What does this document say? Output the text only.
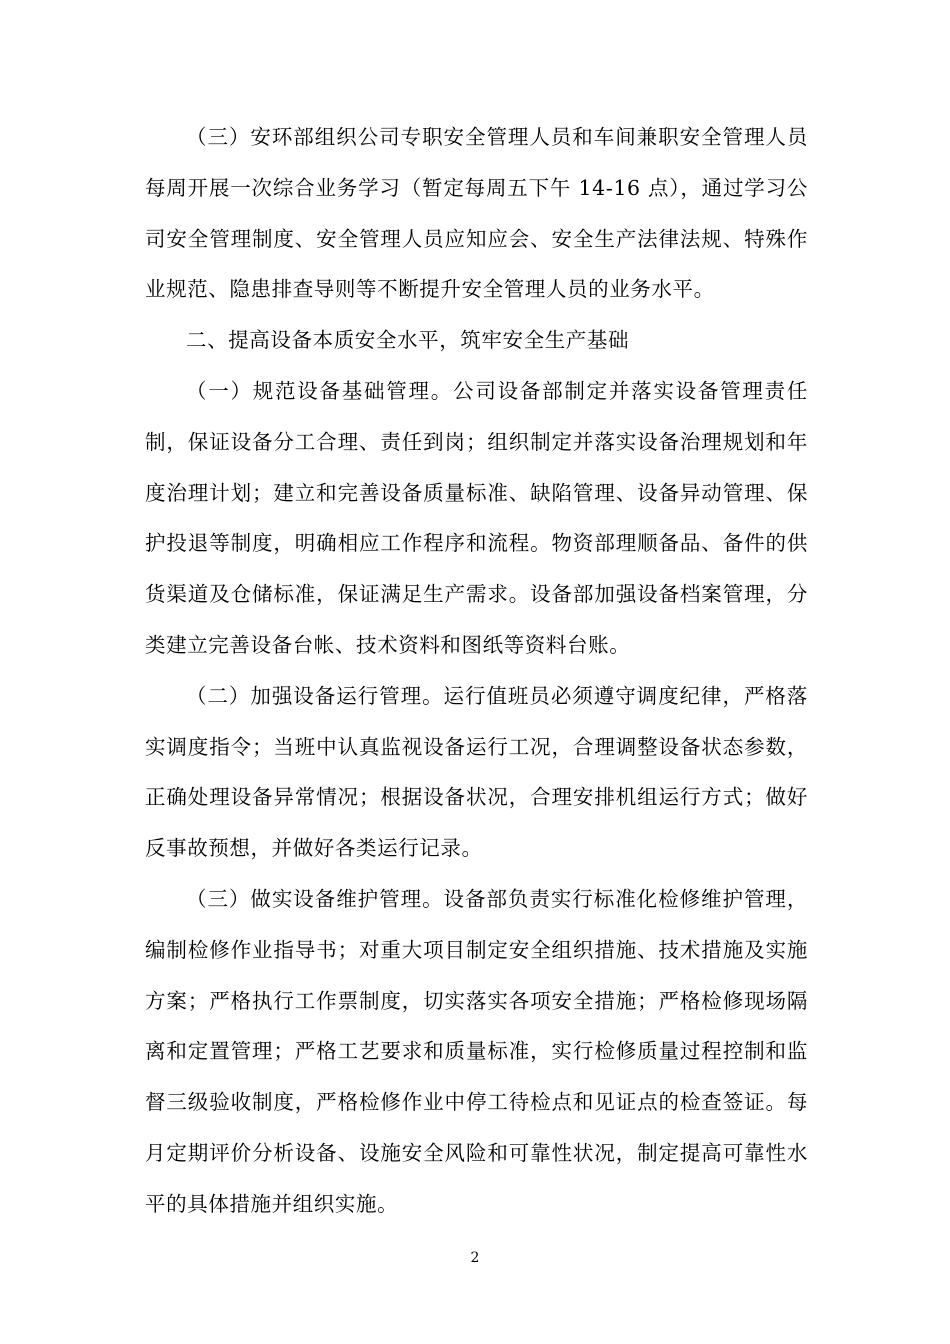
（三）安环部组织公司专职安全管理人员和车间兼职安全管理人员每周开展一次综合业务学习（暂定每周五下午 14-16 点），通过学习公司安全管理制度、安全管理人员应知应会、安全生产法律法规、特殊作业规范、隐患排查导则等不断提升安全管理人员的业务水平。

二、提高设备本质安全水平，筑牢安全生产基础

（一）规范设备基础管理。公司设备部制定并落实设备管理责任制，保证设备分工合理、责任到岗；组织制定并落实设备治理规划和年度治理计划；建立和完善设备质量标准、缺陷管理、设备异动管理、保护投退等制度，明确相应工作程序和流程。物资部理顺备品、备件的供货渠道及仓储标准，保证满足生产需求。设备部加强设备档案管理，分类建立完善设备台帐、技术资料和图纸等资料台账。

（二）加强设备运行管理。运行值班员必须遵守调度纪律，严格落实调度指令；当班中认真监视设备运行工况，合理调整设备状态参数，正确处理设备异常情况；根据设备状况，合理安排机组运行方式；做好反事故预想，并做好各类运行记录。

（三）做实设备维护管理。设备部负责实行标准化检修维护管理，编制检修作业指导书；对重大项目制定安全组织措施、技术措施及实施方案；严格执行工作票制度，切实落实各项安全措施；严格检修现场隔离和定置管理；严格工艺要求和质量标准，实行检修质量过程控制和监督三级验收制度，严格检修作业中停工待检点和见证点的检查签证。每月定期评价分析设备、设施安全风险和可靠性状况，制定提高可靠性水平的具体措施并组织实施。

2
